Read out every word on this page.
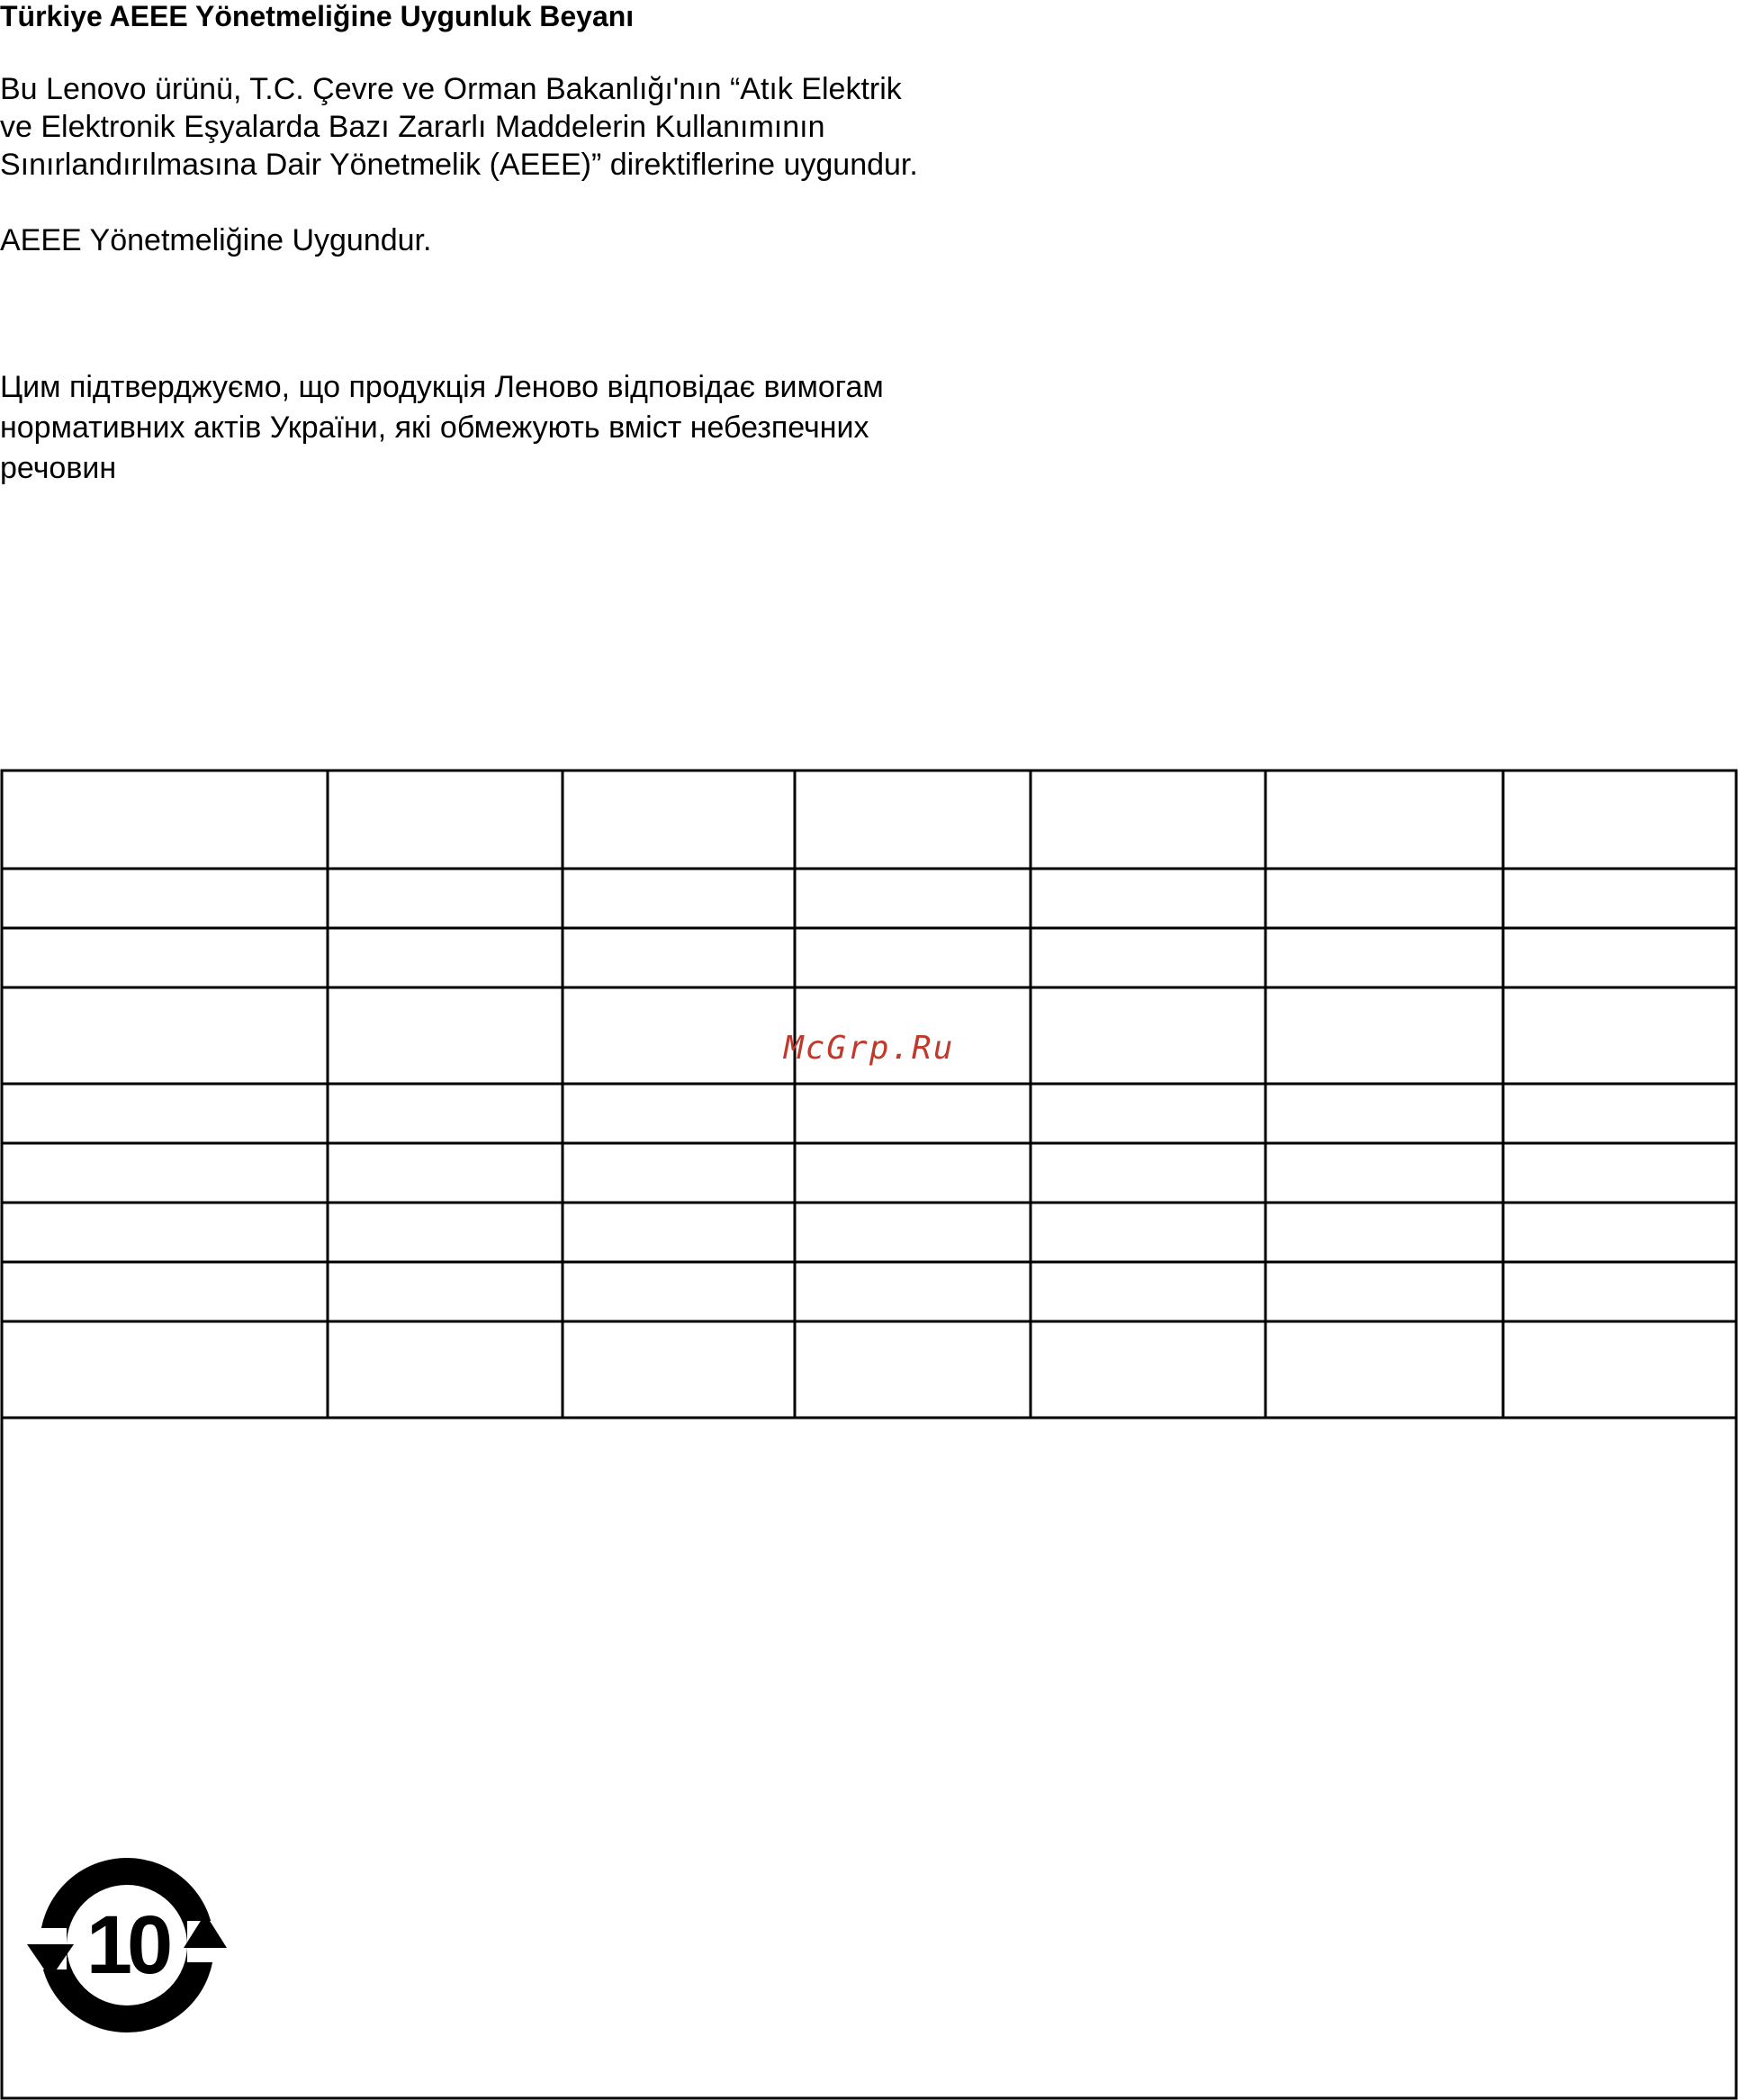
Türkiye AEEE Yönetmeliğine Uygunluk Beyanı
Bu Lenovo ürünü, T.C. Çevre ve Orman Bakanlığı'nın “Atık Elektrik
ve Elektronik Eşyalarda Bazı Zararlı Maddelerin Kullanımının
Sınırlandırılmasına Dair Yönetmelik (AEEE)” direktiflerine uygundur.
AEEE Yönetmeliğine Uygundur.
Цим підтверджуємо, що продукція Леново відповідає вимогам
нормативних актів України, які обмежують вміст небезпечних
речовин
McGrp.Ru
10
